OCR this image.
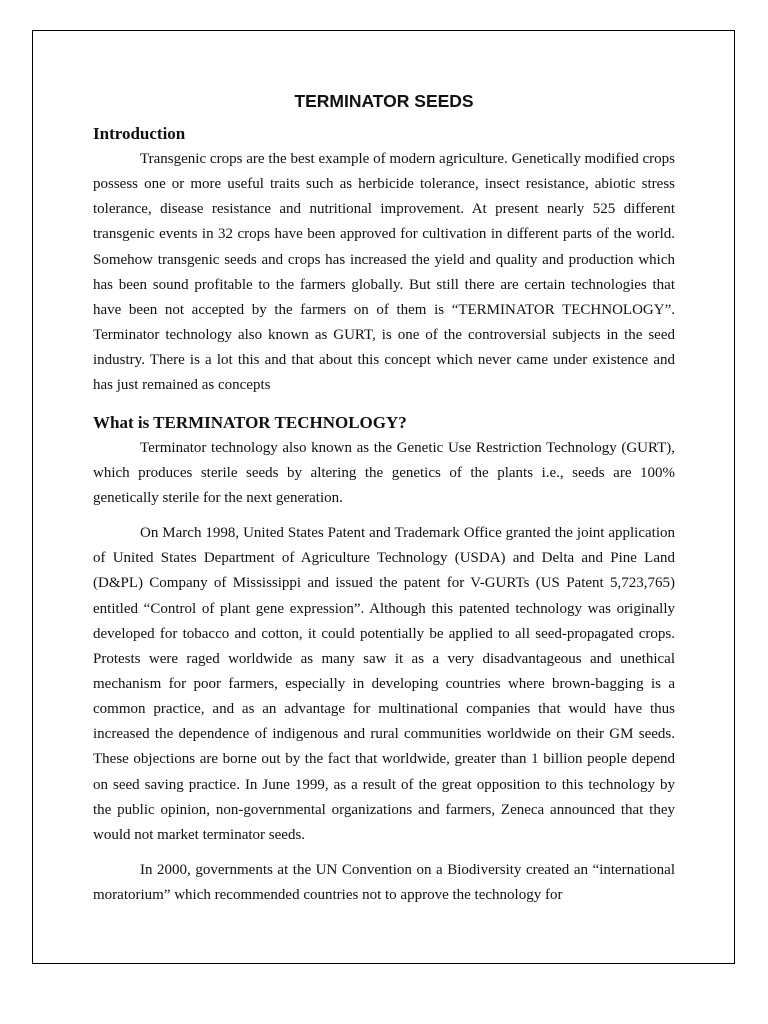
TERMINATOR SEEDS
Introduction

Transgenic crops are the best example of modern agriculture. Genetically modified crops possess one or more useful traits such as herbicide tolerance, insect resistance, abiotic stress tolerance, disease resistance and nutritional improvement. At present nearly 525 different transgenic events in 32 crops have been approved for cultivation in different parts of the world. Somehow transgenic seeds and crops has increased the yield and quality and production which has been sound profitable to the farmers globally. But still there are certain technologies that have been not accepted by the farmers on of them is “TERMINATOR TECHNOLOGY”. Terminator technology also known as GURT, is one of the controversial subjects in the seed industry. There is a lot this and that about this concept which never came under existence and has just remained as concepts

What is TERMINATOR TECHNOLOGY?

Terminator technology also known as the Genetic Use Restriction Technology (GURT), which produces sterile seeds by altering the genetics of the plants i.e., seeds are 100% genetically sterile for the next generation.

On March 1998, United States Patent and Trademark Office granted the joint application of United States Department of Agriculture Technology (USDA) and Delta and Pine Land (D&PL) Company of Mississippi and issued the patent for V-GURTs (US Patent 5,723,765) entitled “Control of plant gene expression”. Although this patented technology was originally developed for tobacco and cotton, it could potentially be applied to all seed-propagated crops. Protests were raged worldwide as many saw it as a very disadvantageous and unethical mechanism for poor farmers, especially in developing countries where brown-bagging is a common practice, and as an advantage for multinational companies that would have thus increased the dependence of indigenous and rural communities worldwide on their GM seeds. These objections are borne out by the fact that worldwide, greater than 1 billion people depend on seed saving practice. In June 1999, as a result of the great opposition to this technology by the public opinion, non-governmental organizations and farmers, Zeneca announced that they would not market terminator seeds.

In 2000, governments at the UN Convention on a Biodiversity created an “international moratorium” which recommended countries not to approve the technology for
